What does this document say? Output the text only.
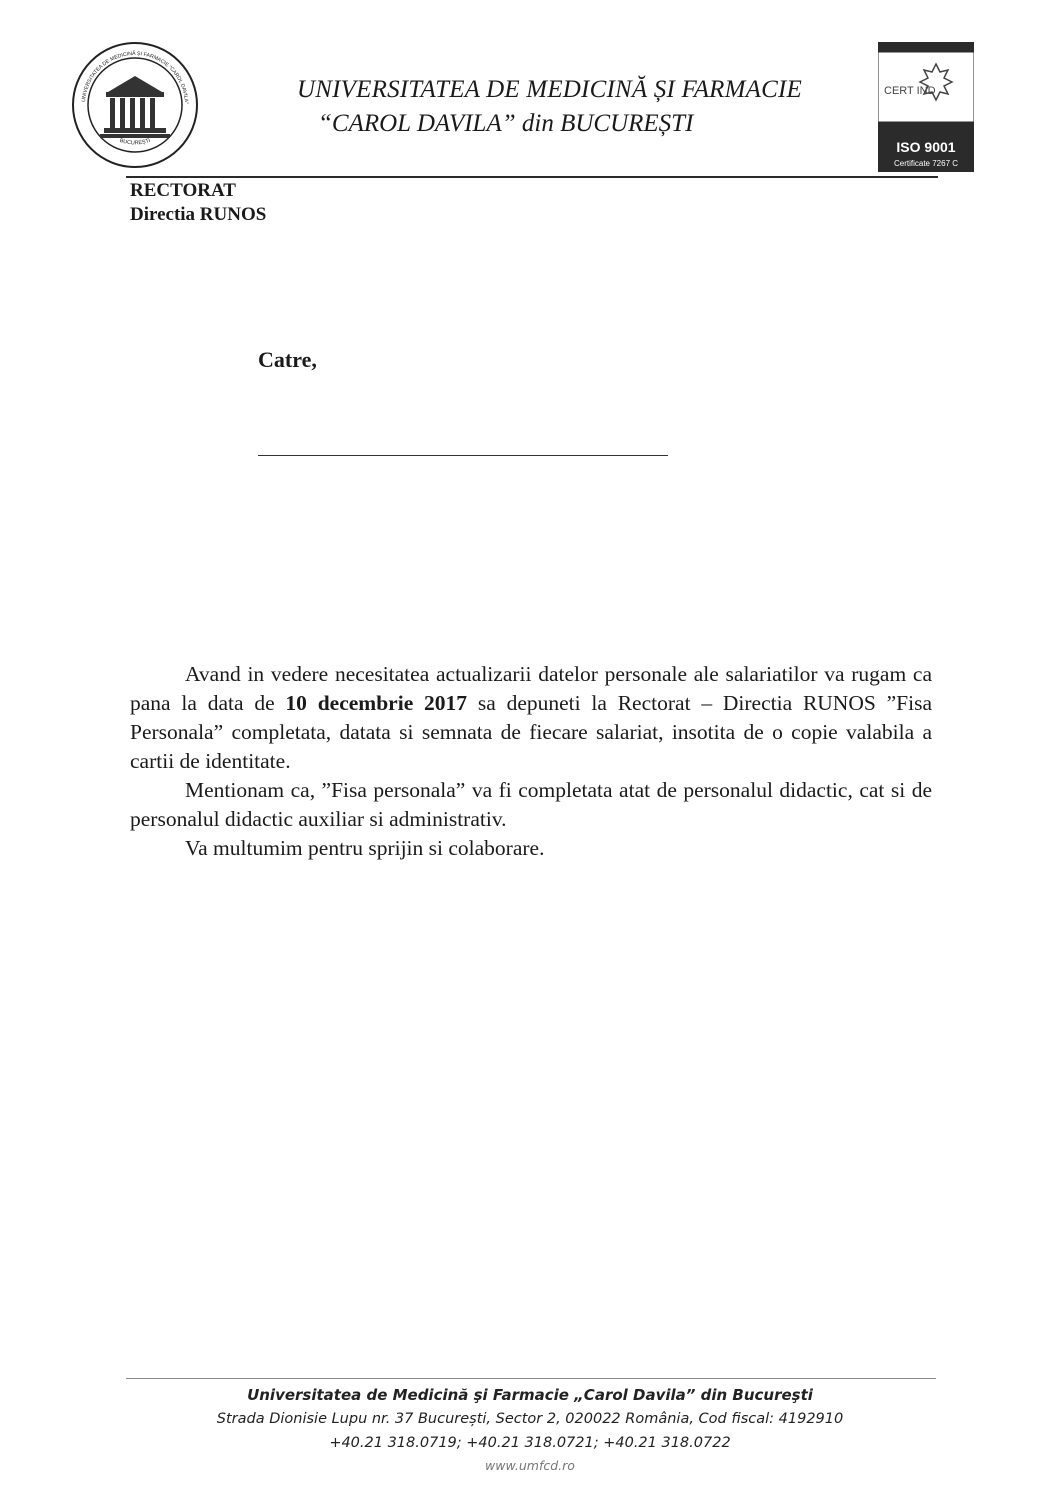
UNIVERSITATEA DE MEDICINĂ ȘI FARMACIE "CAROL DAVILA"
BUCUREȘTI
UNIVERSITATEA DE MEDICINĂ ȘI FARMACIE
“CAROL DAVILA” din BUCUREȘTI
CERT IND
ISO 9001
Certificate 7267 C
RECTORAT
Directia RUNOS
Catre,

Avand in vedere necesitatea actualizarii datelor personale ale salariatilor va rugam ca pana la data de 10 decembrie 2017 sa depuneti la Rectorat – Directia RUNOS ”Fisa Personala” completata, datata si semnata de fiecare salariat, insotita de o copie valabila a cartii de identitate.

Mentionam ca, ”Fisa personala” va fi completata atat de personalul didactic, cat si de personalul didactic auxiliar si administrativ.

Va multumim pentru sprijin si colaborare.

Universitatea de Medicină şi Farmacie „Carol Davila” din Bucureşti
Strada Dionisie Lupu nr. 37 București, Sector 2, 020022 România, Cod fiscal: 4192910
+40.21 318.0719; +40.21 318.0721; +40.21 318.0722
www.umfcd.ro
